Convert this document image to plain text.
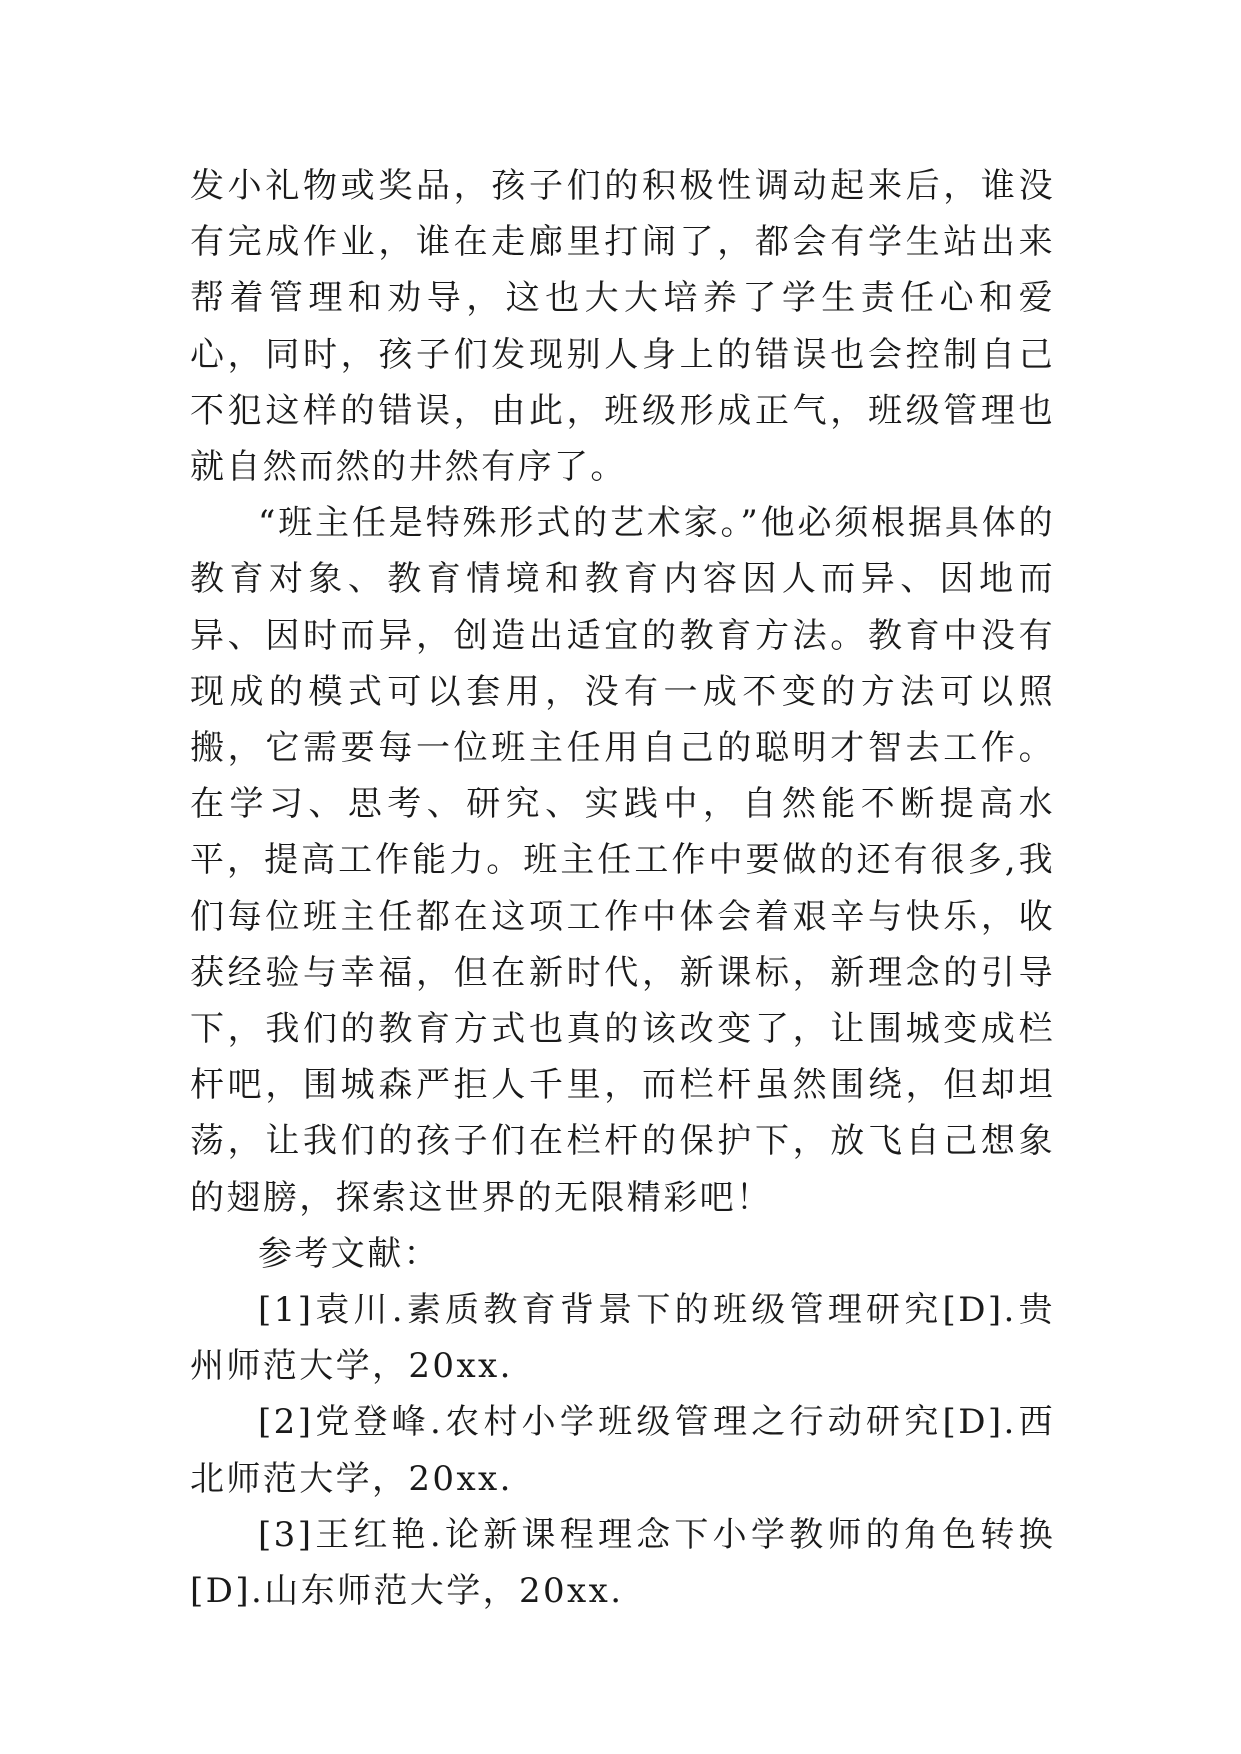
发小礼物或奖品，孩子们的积极性调动起来后，谁没有完成作业，谁在走廊里打闹了，都会有学生站出来帮着管理和劝导，这也大大培养了学生责任心和爱心，同时，孩子们发现别人身上的错误也会控制自己不犯这样的错误，由此，班级形成正气，班级管理也就自然而然的井然有序了。

“班主任是特殊形式的艺术家。”他必须根据具体的教育对象、教育情境和教育内容因人而异、因地而异、因时而异，创造出适宜的教育方法。教育中没有现成的模式可以套用，没有一成不变的方法可以照搬，它需要每一位班主任用自己的聪明才智去工作。在学习、思考、研究、实践中，自然能不断提高水平，提高工作能力。班主任工作中要做的还有很多,我们每位班主任都在这项工作中体会着艰辛与快乐，收获经验与幸福，但在新时代，新课标，新理念的引导下，我们的教育方式也真的该改变了，让围城变成栏杆吧，围城森严拒人千里，而栏杆虽然围绕，但却坦荡，让我们的孩子们在栏杆的保护下，放飞自己想象的翅膀，探索这世界的无限精彩吧！

参考文献：

[1]袁川.素质教育背景下的班级管理研究[D].贵州师范大学，20xx.

[2]党登峰.农村小学班级管理之行动研究[D].西北师范大学，20xx.

[3]王红艳.论新课程理念下小学教师的角色转换[D].山东师范大学，20xx.
